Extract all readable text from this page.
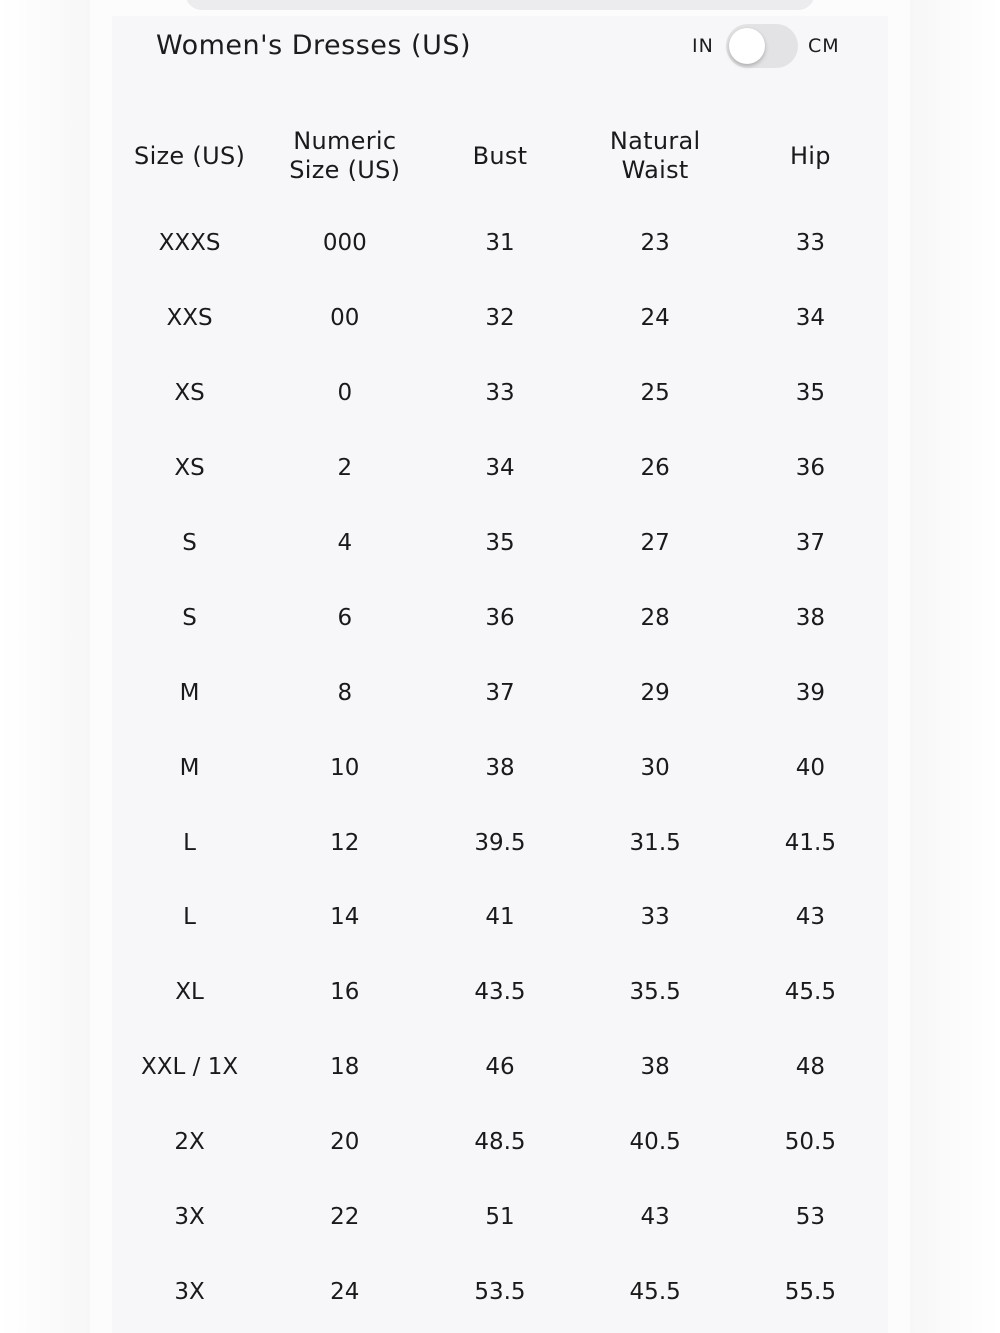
Women's Dresses (US)	IN	CM
Size (US)	Numeric Size (US)	Bust	Natural Waist	Hip
XXXS	000	31	23	33
XXS	00	32	24	34
XS	0	33	25	35
XS	2	34	26	36
S	4	35	27	37
S	6	36	28	38
M	8	37	29	39
M	10	38	30	40
L	12	39.5	31.5	41.5
L	14	41	33	43
XL	16	43.5	35.5	45.5
XXL / 1X	18	46	38	48
2X	20	48.5	40.5	50.5
3X	22	51	43	53
3X	24	53.5	45.5	55.5
